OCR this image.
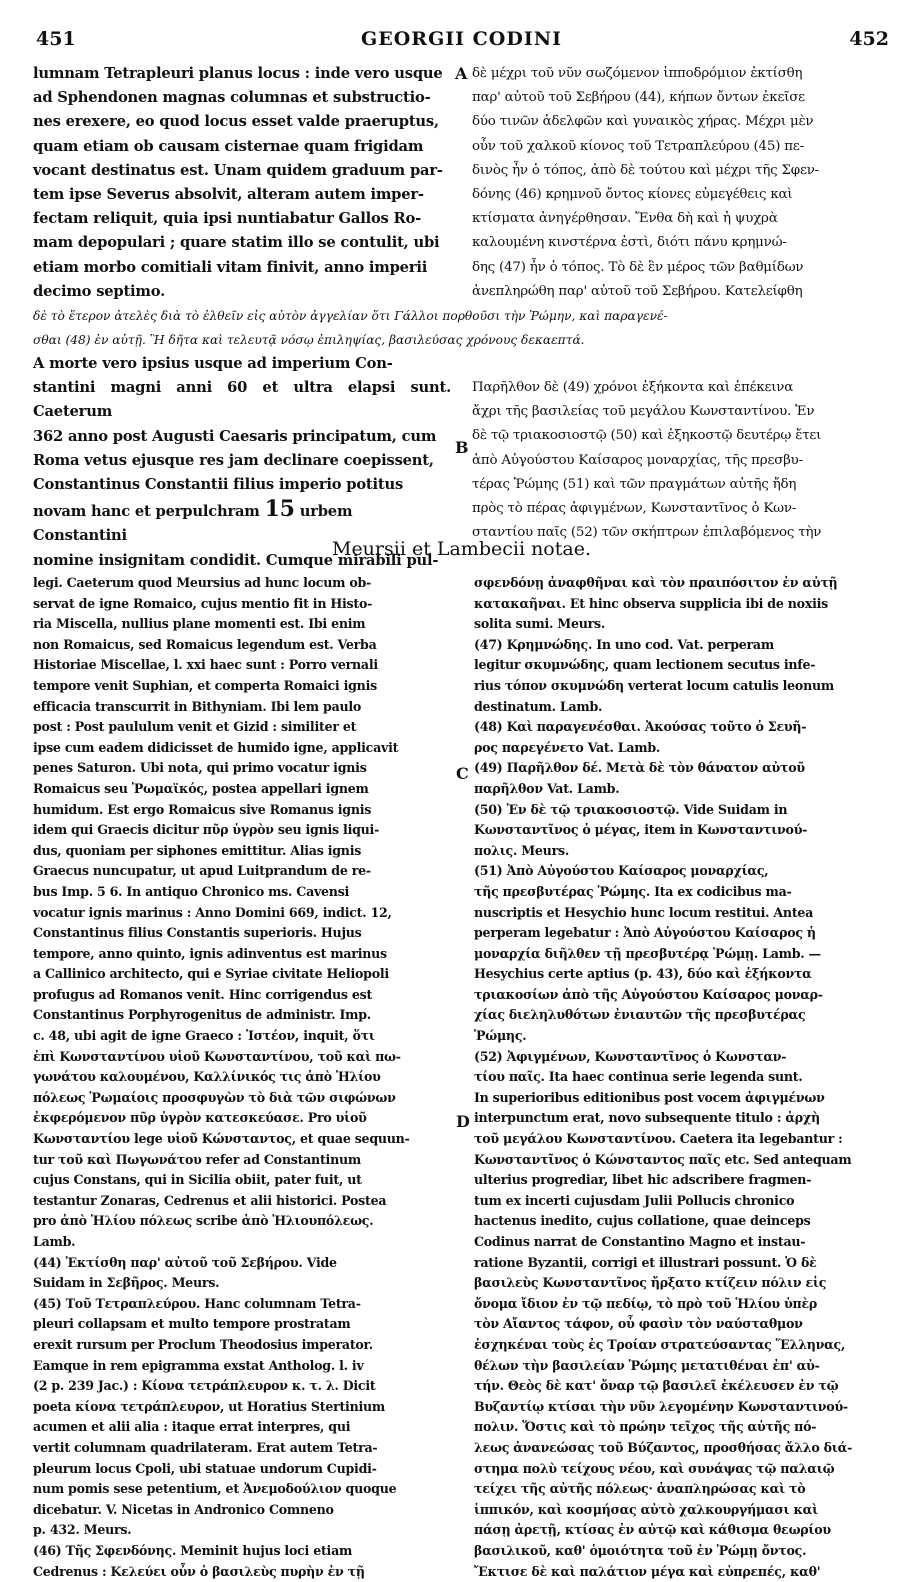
451	GEORGII CODINI	452

lumnam Tetrapleuri planus locus : inde vero usque

ad Sphendonen magnas columnas et substructio-

nes erexere, eo quod locus esset valde praeruptus,

quam etiam ob causam cisternae quam frigidam

vocant destinatus est. Unam quidem graduum par-

tem ipse Severus absolvit, alteram autem imper-

fectam reliquit, quia ipsi nuntiabatur Gallos Ro-

mam depopulari ; quare statim illo se contulit, ubi

etiam morbo comitiali vitam finivit, anno imperii

decimo septimo.

A δὲ μέχρι τοῦ νῦν σωζόμενον ἱπποδρόμιον ἐκτίσθη

παρ' αὐτοῦ τοῦ Σεβήρου (44), κήπων ὄντων ἐκεῖσε

δύο τινῶν ἀδελφῶν καὶ γυναικὸς χήρας. Μέχρι μὲν

οὖν τοῦ χαλκοῦ κίονος τοῦ Τετραπλεύρου (45) πε-

δινὸς ἦν ὁ τόπος, ἀπὸ δὲ τούτου καὶ μέχρι τῆς Σφεν-

δόνης (46) κρημνοῦ ὄντος κίονες εὐμεγέθεις καὶ

κτίσματα ἀνηγέρθησαν. Ἔνθα δὴ καὶ ἡ ψυχρὰ

καλουμένη κινστέρνα ἐστὶ, διότι πάνυ κρημνώ-

δης (47) ἦν ὁ τόπος. Τὸ δὲ ἓν μέρος τῶν βαθμίδων

ἀνεπληρώθη παρ' αὐτοῦ τοῦ Σεβήρου. Κατελείφθη

δὲ τὸ ἕτερον ἀτελὲς διὰ τὸ ἐλθεῖν εἰς αὐτὸν ἀγγελίαν ὅτι Γάλλοι πορθοῦσι τὴν Ῥώμην, καὶ παραγενέ-
σθαι (48) ἐν αὐτῇ. Ἣ δῆτα καὶ τελευτᾷ νόσῳ ἐπιληψίας, βασιλεύσας χρόνους δεκαεπτά.

A morte vero ipsius usque ad imperium Con-

stantini magni anni 60 et ultra elapsi sunt. Caeterum

362 anno post Augusti Caesaris principatum, cum

Roma vetus ejusque res jam declinare coepissent,

Constantinus Constantii filius imperio potitus

novam hanc et perpulchram 15 urbem Constantini

nomine insignitam condidit. Cumque mirabili pul-

B

Παρῆλθον δὲ (49) χρόνοι ἑξήκοντα καὶ ἐπέκεινα

ἄχρι τῆς βασιλείας τοῦ μεγάλου Κωνσταντίνου. Ἐν

δὲ τῷ τριακοσιοστῷ (50) καὶ ἑξηκοστῷ δευτέρῳ ἔτει

ἀπὸ Αὐγούστου Καίσαρος μοναρχίας, τῆς πρεσβυ-

τέρας Ῥώμης (51) καὶ τῶν πραγμάτων αὐτῆς ἤδη

πρὸς τὸ πέρας ἀφιγμένων, Κωνσταντῖνος ὁ Κων-

σταντίου παῖς (52) τῶν σκήπτρων ἐπιλαβόμενος τὴν

Meursii et Lambecii notae.

legi. Caeterum quod Meursius ad hunc locum ob-

servat de igne Romaico, cujus mentio fit in Histo-

ria Miscella, nullius plane momenti est. Ibi enim

non Romaicus, sed Romaicus legendum est. Verba

Historiae Miscellae, l. xxi haec sunt : Porro vernali

tempore venit Suphian, et comperta Romaici ignis

efficacia transcurrit in Bithyniam. Ibi lem paulo

post : Post paululum venit et Gizid : similiter et

ipse cum eadem didicisset de humido igne, applicavit

penes Saturon. Ubi nota, qui primo vocatur ignis

Romaicus seu Ῥωμαϊκός, postea appellari ignem

humidum. Est ergo Romaicus sive Romanus ignis

idem qui Graecis dicitur πῦρ ὑγρὸν seu ignis liqui-

dus, quoniam per siphones emittitur. Alias ignis

Graecus nuncupatur, ut apud Luitprandum de re-

bus Imp. 5 6. In antiquo Chronico ms. Cavensi

vocatur ignis marinus : Anno Domini 669, indict. 12,

Constantinus filius Constantis superioris. Hujus

tempore, anno quinto, ignis adinventus est marinus

a Callinico architecto, qui e Syriae civitate Heliopoli

profugus ad Romanos venit. Hinc corrigendus est

Constantinus Porphyrogenitus de administr. Imp.

c. 48, ubi agit de igne Graeco : Ἰστέον, inquit, ὅτι

ἐπὶ Κωνσταντίνου υἱοῦ Κωνσταντίνου, τοῦ καὶ πω-

γωνάτου καλουμένου, Καλλίνικός τις ἀπὸ Ἡλίου

πόλεως Ῥωμαίοις προσφυγὼν τὸ διὰ τῶν σιφώνων

ἐκφερόμενον πῦρ ὑγρὸν κατεσκεύασε. Pro υἱοῦ

Κωνσταντίου lege υἱοῦ Κώνσταντος, et quae sequun-

tur τοῦ καὶ Πωγωνάτου refer ad Constantinum

cujus Constans, qui in Sicilia obiit, pater fuit, ut

testantur Zonaras, Cedrenus et alii historici. Postea

pro ἀπὸ Ἡλίου πόλεως scribe ἀπὸ Ἡλιουπόλεως.

Lamb.

(44) Ἐκτίσθη παρ' αὐτοῦ τοῦ Σεβήρου. Vide

Suidam in Σεβῆρος. Meurs.

(45) Τοῦ Τετραπλεύρου. Hanc columnam Tetra-

pleuri collapsam et multo tempore prostratam

erexit rursum per Proclum Theodosius imperator.

Eamque in rem epigramma exstat Antholog. l. iv

(2 p. 239 Jac.) : Κίονα τετράπλευρον κ. τ. λ. Dicit

poeta κίονα τετράπλευρον, ut Horatius Stertinium

acumen et alii alia : itaque errat interpres, qui

vertit columnam quadrilateram. Erat autem Tetra-

pleurum locus Cpoli, ubi statuae undorum Cupidi-

num pomis sese petentium, et Ἀνεμοδούλιον quoque

dicebatur. V. Nicetas in Andronico Comneno

p. 432. Meurs.

(46) Τῆς Σφενδόνης. Meminit hujus loci etiam

Cedrenus : Κελεύει οὖν ὁ βασιλεὺς πυρὴν ἐν τῇ

C
D

σφενδόνῃ ἀναφθῆναι καὶ τὸν πραιπόσιτον ἐν αὐτῇ

κατακαῆναι. Et hinc observa supplicia ibi de noxiis

solita sumi. Meurs.

(47) Κρημνώδης. In uno cod. Vat. perperam

legitur σκυμνώδης, quam lectionem secutus infe-

rius τόπον σκυμνώδη verterat locum catulis leonum

destinatum. Lamb.

(48) Καὶ παραγενέσθαι. Ἀκούσας τοῦτο ὁ Σευῆ-

ρος παρεγένετο Vat. Lamb.

(49) Παρῆλθον δέ. Μετὰ δὲ τὸν θάνατον αὐτοῦ

παρῆλθον Vat. Lamb.

(50) Ἐν δὲ τῷ τριακοσιοστῷ. Vide Suidam in

Κωνσταντῖνος ὁ μέγας, item in Κωνσταντινού-

πολις. Meurs.

(51) Ἀπὸ Αὐγούστου Καίσαρος μοναρχίας,

τῆς πρεσβυτέρας Ῥώμης. Ita ex codicibus ma-

nuscriptis et Hesychio hunc locum restitui. Antea

perperam legebatur : Ἀπὸ Αὐγούστου Καίσαρος ἡ

μοναρχία διῆλθεν τῇ πρεσβυτέρᾳ Ῥώμῃ. Lamb. —

Hesychius certe aptius (p. 43), δύο καὶ ἑξήκοντα

τριακοσίων ἀπὸ τῆς Αὐγούστου Καίσαρος μοναρ-

χίας διεληλυθότων ἐνιαυτῶν τῆς πρεσβυτέρας

Ῥώμης.

(52) Ἀφιγμένων, Κωνσταντῖνος ὁ Κωνσταν-

τίου παῖς. Ita haec continua serie legenda sunt.

In superioribus editionibus post vocem ἀφιγμένων

interpunctum erat, novo subsequente titulo : ἀρχὴ

τοῦ μεγάλου Κωνσταντίνου. Caetera ita legebantur :

Κωνσταντῖνος ὁ Κώνσταντος παῖς etc. Sed antequam

ulterius progrediar, libet hic adscribere fragmen-

tum ex incerti cujusdam Julii Pollucis chronico

hactenus inedito, cujus collatione, quae deinceps

Codinus narrat de Constantino Magno et instau-

ratione Byzantii, corrigi et illustrari possunt. Ὁ δὲ

βασιλεὺς Κωνσταντῖνος ἤρξατο κτίζειν πόλιν εἰς

ὄνομα ἴδιον ἐν τῷ πεδίῳ, τὸ πρὸ τοῦ Ἡλίου ὑπὲρ

τὸν Αἴαντος τάφον, οὗ φασὶν τὸν ναύσταθμον

ἐσχηκέναι τοὺς ἐς Τροίαν στρατεύσαντας Ἕλληνας,

θέλων τὴν βασιλείαν Ῥώμης μετατιθέναι ἐπ' αὐ-

τήν. Θεὸς δὲ κατ' ὄναρ τῷ βασιλεῖ ἐκέλευσεν ἐν τῷ

Βυζαντίῳ κτίσαι τὴν νῦν λεγομένην Κωνσταντινού-

πολιν. Ὅστις καὶ τὸ πρώην τεῖχος τῆς αὐτῆς πό-

λεως ἀνανεώσας τοῦ Βύζαντος, προσθήσας ἄλλο διά-

στημα πολὺ τείχους νέου, καὶ συνάψας τῷ παλαιῷ

τείχει τῆς αὐτῆς πόλεως· ἀναπληρώσας καὶ τὸ

ἱππικόν, καὶ κοσμήσας αὐτὸ χαλκουργήμασι καὶ

πάσῃ ἀρετῇ, κτίσας ἐν αὐτῷ καὶ κάθισμα θεωρίου

βασιλικοῦ, καθ' ὁμοιότητα τοῦ ἐν Ῥώμῃ ὄντος.

Ἔκτισε δὲ καὶ παλάτιον μέγα καὶ εὐπρεπές, καθ'
